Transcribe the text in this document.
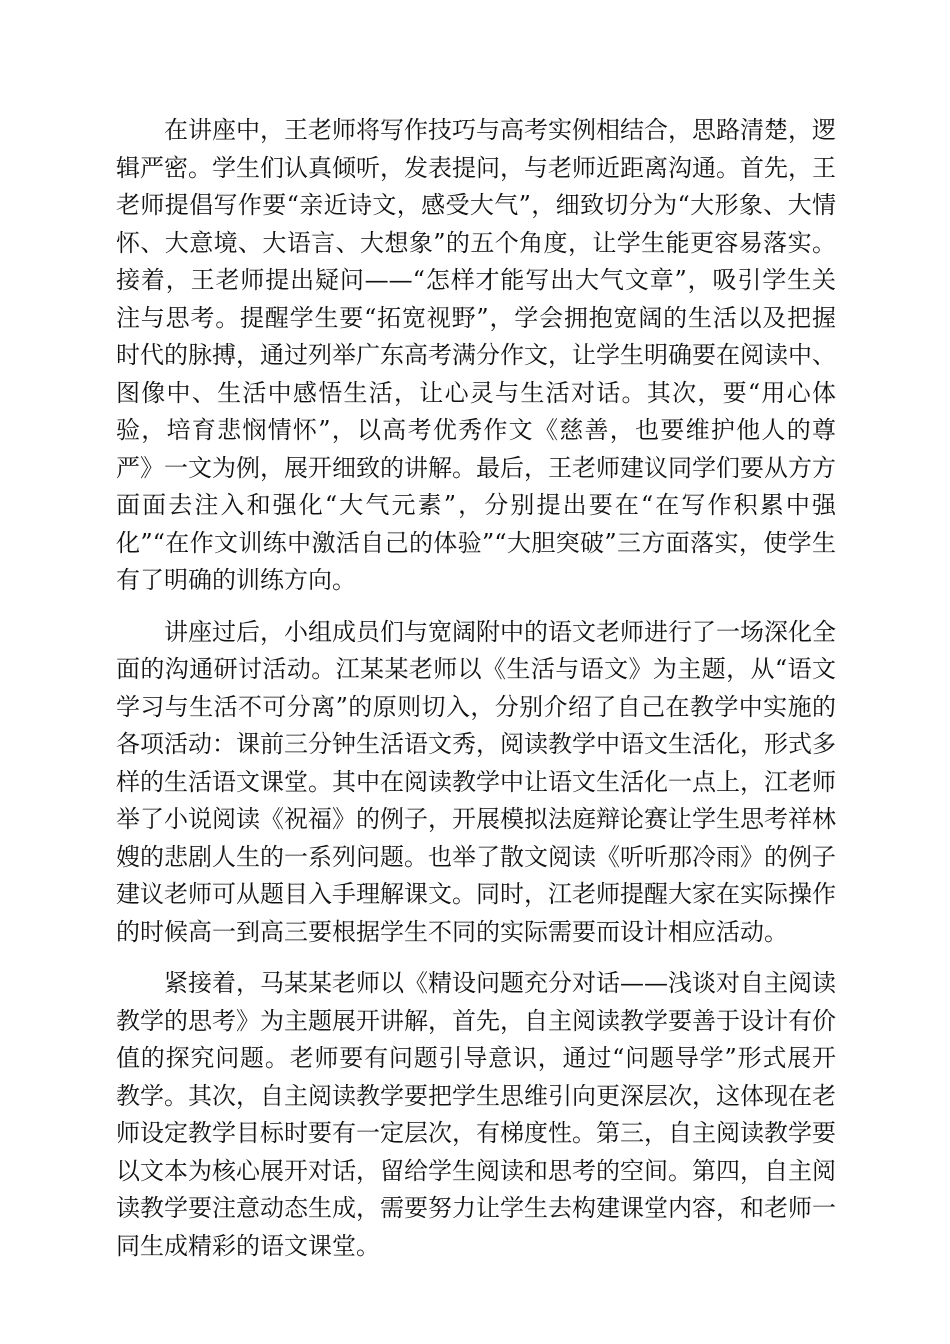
在讲座中，王老师将写作技巧与高考实例相结合，思路清楚，逻辑严密。学生们认真倾听，发表提问，与老师近距离沟通。首先，王老师提倡写作要“亲近诗文，感受大气”，细致切分为“大形象、大情怀、大意境、大语言、大想象”的五个角度，让学生能更容易落实。接着，王老师提出疑问——“怎样才能写出大气文章”，吸引学生关注与思考。提醒学生要“拓宽视野”，学会拥抱宽阔的生活以及把握时代的脉搏，通过列举广东高考满分作文，让学生明确要在阅读中、图像中、生活中感悟生活，让心灵与生活对话。其次，要“用心体验，培育悲悯情怀”，以高考优秀作文《慈善，也要维护他人的尊严》一文为例，展开细致的讲解。最后，王老师建议同学们要从方方面面去注入和强化“大气元素”，分别提出要在“在写作积累中强化”“在作文训练中激活自己的体验”“大胆突破”三方面落实，使学生有了明确的训练方向。

讲座过后，小组成员们与宽阔附中的语文老师进行了一场深化全面的沟通研讨活动。江某某老师以《生活与语文》为主题，从“语文学习与生活不可分离”的原则切入，分别介绍了自己在教学中实施的各项活动：课前三分钟生活语文秀，阅读教学中语文生活化，形式多样的生活语文课堂。其中在阅读教学中让语文生活化一点上，江老师举了小说阅读《祝福》的例子，开展模拟法庭辩论赛让学生思考祥林嫂的悲剧人生的一系列问题。也举了散文阅读《听听那冷雨》的例子建议老师可从题目入手理解课文。同时，江老师提醒大家在实际操作的时候高一到高三要根据学生不同的实际需要而设计相应活动。

紧接着，马某某老师以《精设问题充分对话——浅谈对自主阅读教学的思考》为主题展开讲解，首先，自主阅读教学要善于设计有价值的探究问题。老师要有问题引导意识，通过“问题导学”形式展开教学。其次，自主阅读教学要把学生思维引向更深层次，这体现在老师设定教学目标时要有一定层次，有梯度性。第三，自主阅读教学要以文本为核心展开对话，留给学生阅读和思考的空间。第四，自主阅读教学要注意动态生成，需要努力让学生去构建课堂内容，和老师一同生成精彩的语文课堂。
